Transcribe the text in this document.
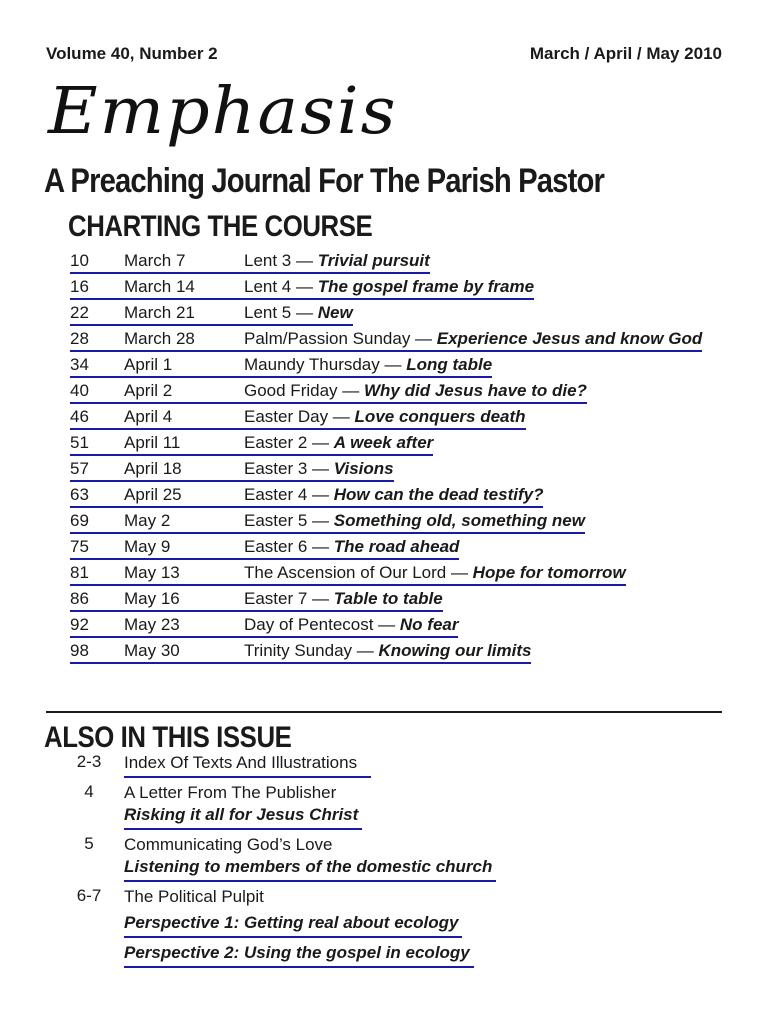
Volume 40, Number 2	March / April / May 2010
Emphasis
A Preaching Journal For The Parish Pastor
CHARTING THE COURSE
10	March 7	Lent 3 — Trivial pursuit
16	March 14	Lent 4 — The gospel frame by frame
22	March 21	Lent 5 — New
28	March 28	Palm/Passion Sunday — Experience Jesus and know God
34	April 1	Maundy Thursday — Long table
40	April 2	Good Friday — Why did Jesus have to die?
46	April 4	Easter Day — Love conquers death
51	April 11	Easter 2 — A week after
57	April 18	Easter 3 — Visions
63	April 25	Easter 4 — How can the dead testify?
69	May 2	Easter 5 — Something old, something new
75	May 9	Easter 6 — The road ahead
81	May 13	The Ascension of Our Lord — Hope for tomorrow
86	May 16	Easter 7 — Table to table
92	May 23	Day of Pentecost — No fear
98	May 30	Trinity Sunday — Knowing our limits
ALSO IN THIS ISSUE
2-3	Index Of Texts And Illustrations
4	A Letter From The Publisher
Risking it all for Jesus Christ
5	Communicating God’s Love
Listening to members of the domestic church
6-7	The Political Pulpit
Perspective 1: Getting real about ecology
Perspective 2: Using the gospel in ecology
